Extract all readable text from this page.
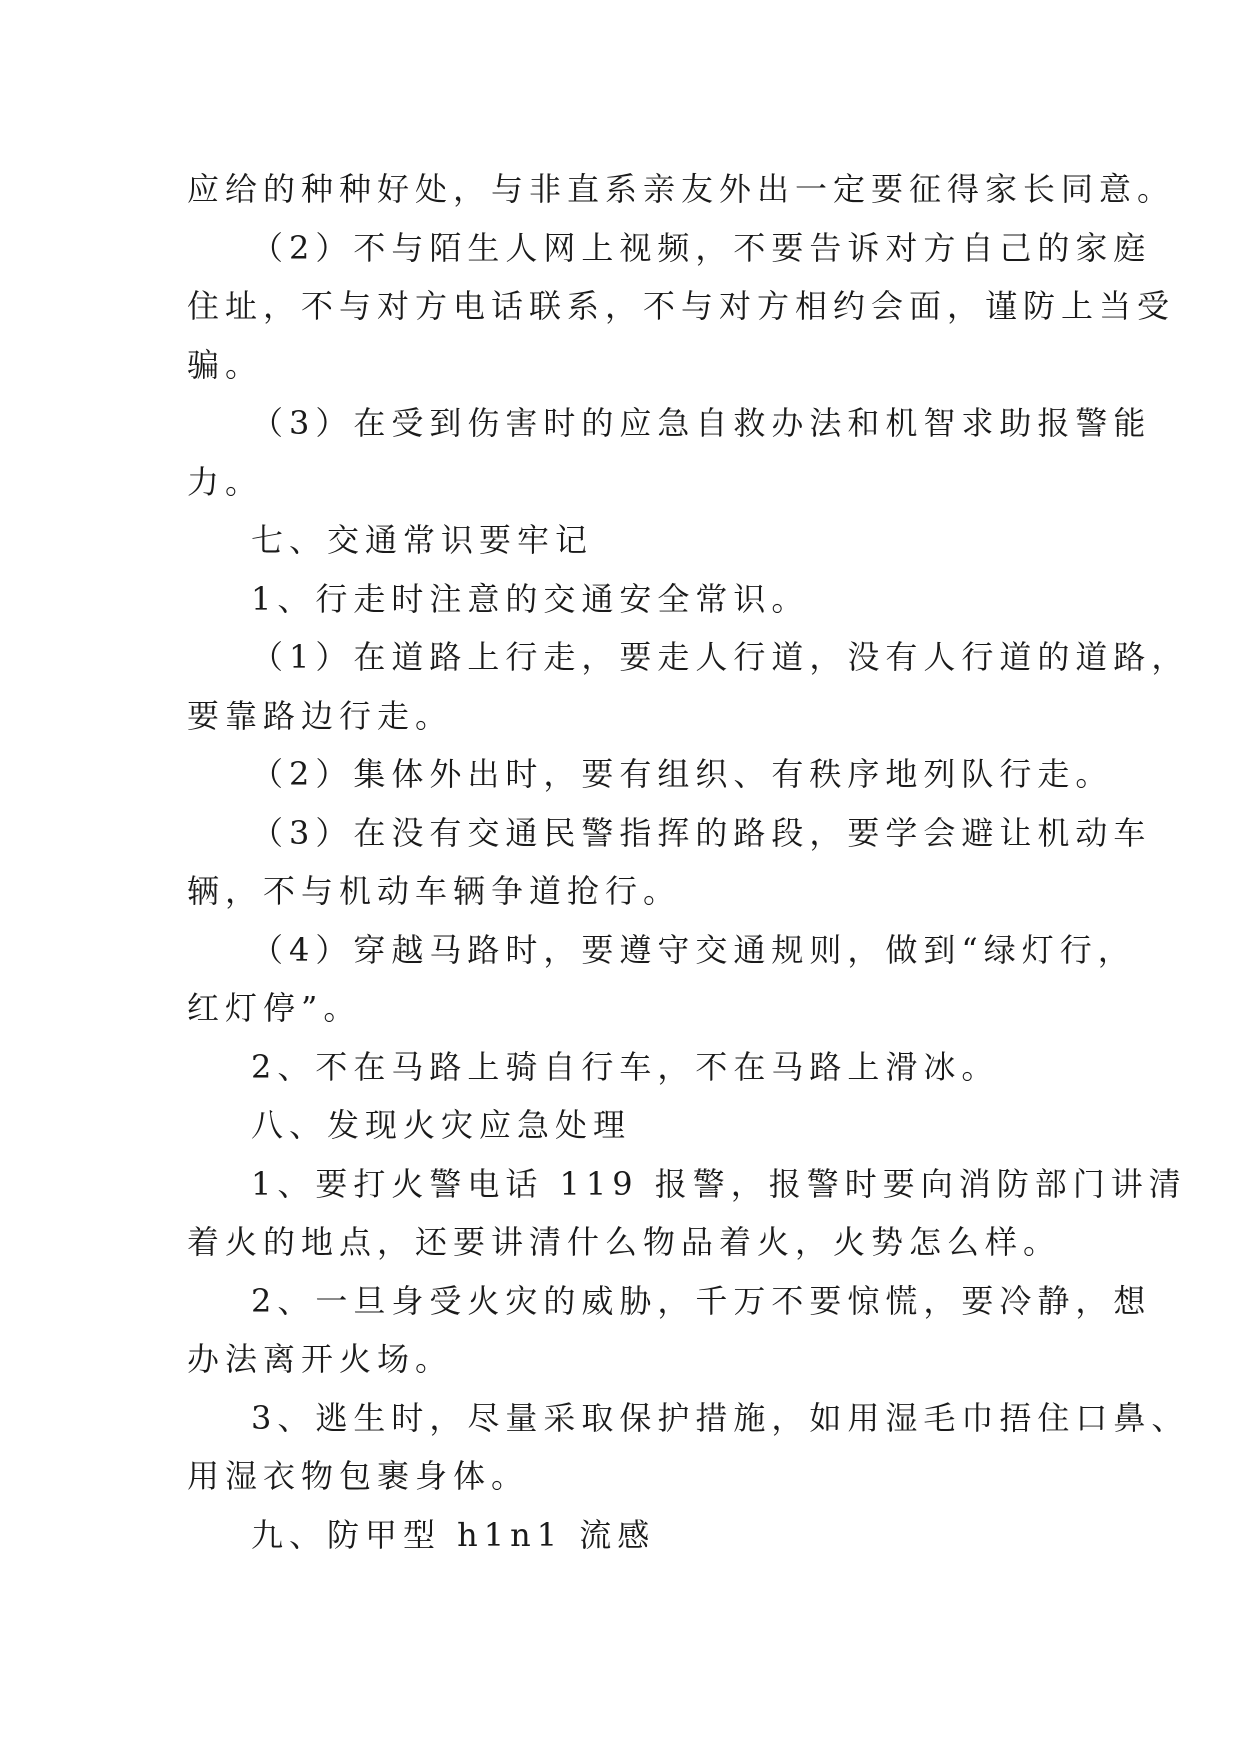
应给的种种好处，与非直系亲友外出一定要征得家长同意。
（2）不与陌生人网上视频，不要告诉对方自己的家庭
住址，不与对方电话联系，不与对方相约会面，谨防上当受
骗。
（3）在受到伤害时的应急自救办法和机智求助报警能
力。
七、交通常识要牢记
1、行走时注意的交通安全常识。
（1）在道路上行走，要走人行道，没有人行道的道路，
要靠路边行走。
（2）集体外出时，要有组织、有秩序地列队行走。
（3）在没有交通民警指挥的路段，要学会避让机动车
辆，不与机动车辆争道抢行。
（4）穿越马路时，要遵守交通规则，做到“绿灯行，
红灯停”。
2、不在马路上骑自行车，不在马路上滑冰。
八、发现火灾应急处理
1、要打火警电话 119 报警，报警时要向消防部门讲清
着火的地点，还要讲清什么物品着火，火势怎么样。
2、一旦身受火灾的威胁，千万不要惊慌，要冷静，想
办法离开火场。
3、逃生时，尽量采取保护措施，如用湿毛巾捂住口鼻、
用湿衣物包裹身体。
九、防甲型 h1n1 流感
